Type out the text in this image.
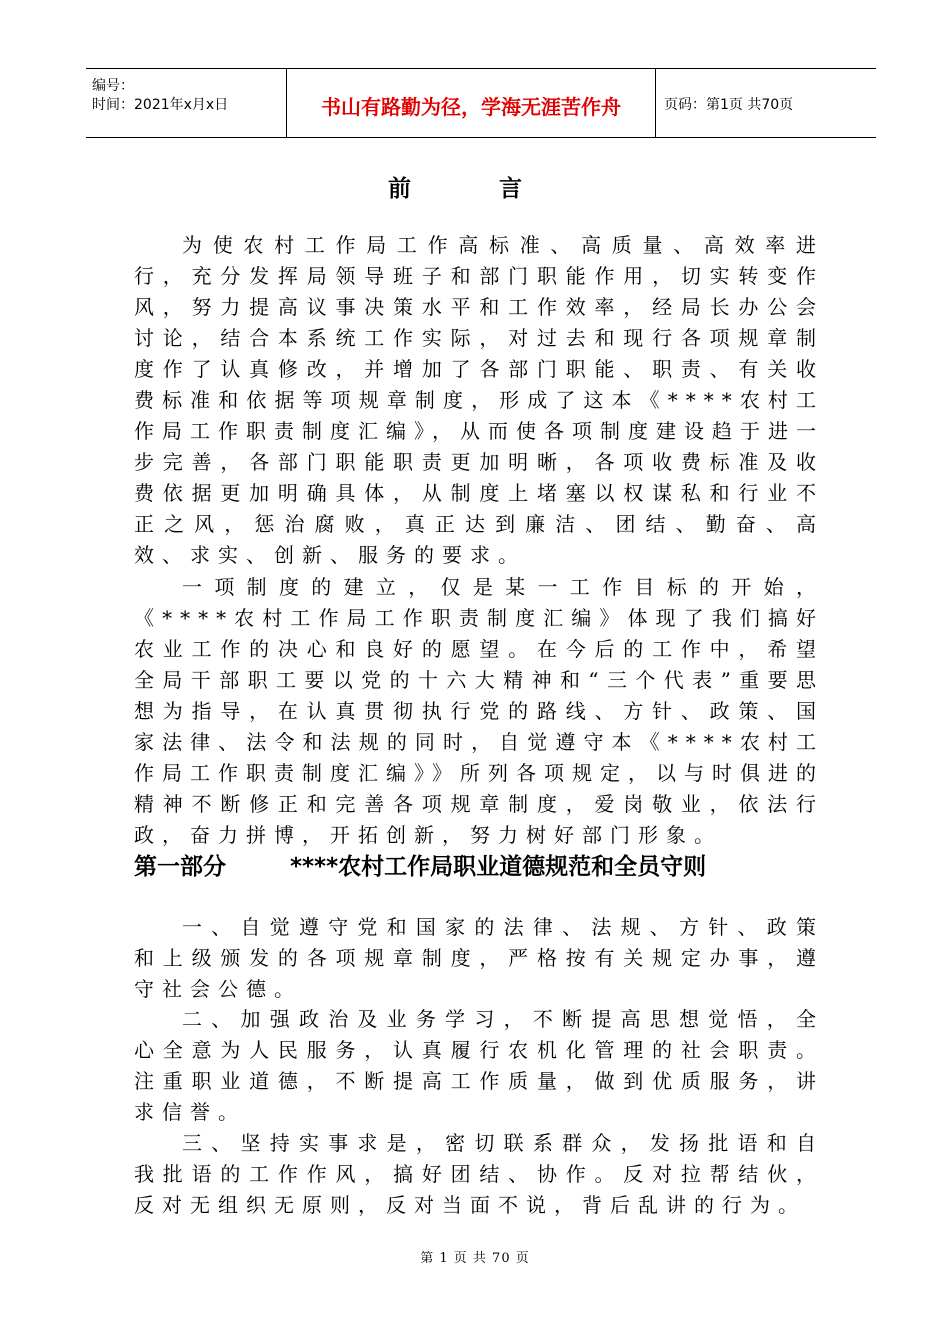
编号：
时间：2021年x月x日	书山有路勤为径，学海无涯苦作舟	页码：第1页 共70页
前 言

为使农村工作局工作高标准、高质量、高效率进行，充分发挥局领导班子和部门职能作用，切实转变作风，努力提高议事决策水平和工作效率，经局长办公会讨论，结合本系统工作实际，对过去和现行各项规章制度作了认真修改，并增加了各部门职能、职责、有关收费标准和依据等项规章制度，形成了这本《****农村工作局工作职责制度汇编》，从而使各项制度建设趋于进一步完善，各部门职能职责更加明晰，各项收费标准及收费依据更加明确具体，从制度上堵塞以权谋私和行业不正之风，惩治腐败，真正达到廉洁、团结、勤奋、高效、求实、创新、服务的要求。

一项制度的建立，仅是某一工作目标的开始，《****农村工作局工作职责制度汇编》体现了我们搞好农业工作的决心和良好的愿望。在今后的工作中，希望全局干部职工要以党的十六大精神和“三个代表”重要思想为指导，在认真贯彻执行党的路线、方针、政策、国家法律、法令和法规的同时，自觉遵守本《****农村工作局工作职责制度汇编》》所列各项规定，以与时俱进的精神不断修正和完善各项规章制度，爱岗敬业，依法行政，奋力拼博，开拓创新，努力树好部门形象。

第一部分	****农村工作局职业道德规范和全员守则

一、自觉遵守党和国家的法律、法规、方针、政策和上级颁发的各项规章制度，严格按有关规定办事，遵守社会公德。

二、加强政治及业务学习，不断提高思想觉悟，全心全意为人民服务，认真履行农机化管理的社会职责。注重职业道德，不断提高工作质量，做到优质服务，讲求信誉。

三、坚持实事求是，密切联系群众，发扬批语和自我批语的工作作风，搞好团结、协作。反对拉帮结伙，反对无组织无原则，反对当面不说，背后乱讲的行为。

第 1 页 共 70 页
